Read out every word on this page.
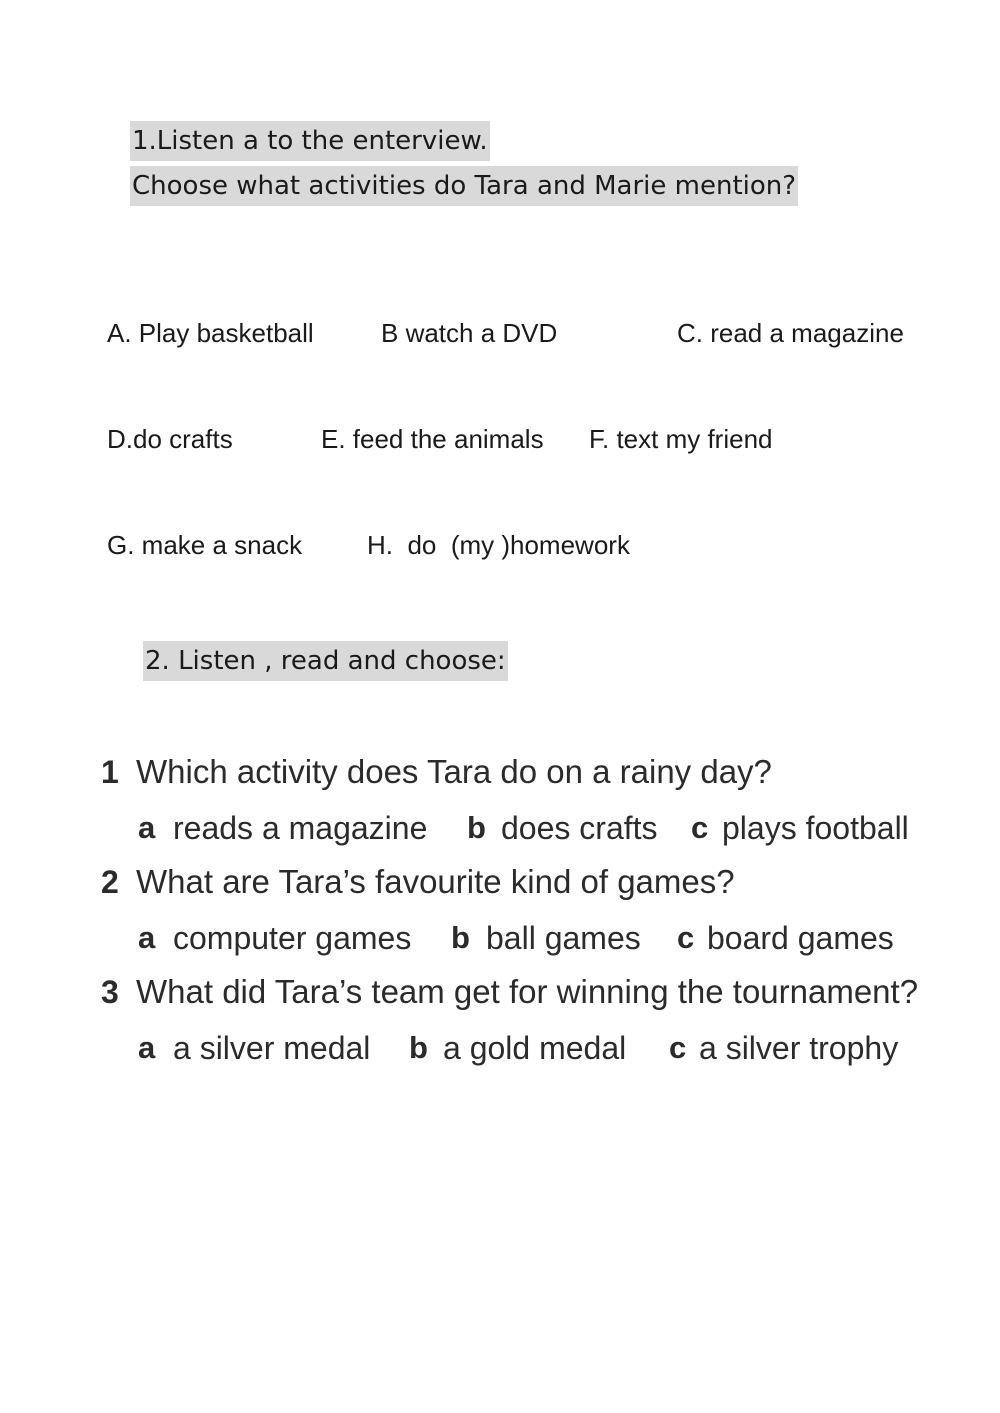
1.Listen a to the enterview.
Choose what activities do Tara and Marie mention?
A. Play basketball	B watch a DVD	C. read a magazine
D.do crafts	E. feed the animals F. text my friend
G. make a snack H.  do  (my )homework
2. Listen , read and choose:
1 Which activity does Tara do on a rainy day?
a reads a magazine b does crafts c plays football
2 What are Tara’s favourite kind of games?
a computer games b ball games c board games
3 What did Tara’s team get for winning the tournament?
a a silver medal b a gold medal c a silver trophy
